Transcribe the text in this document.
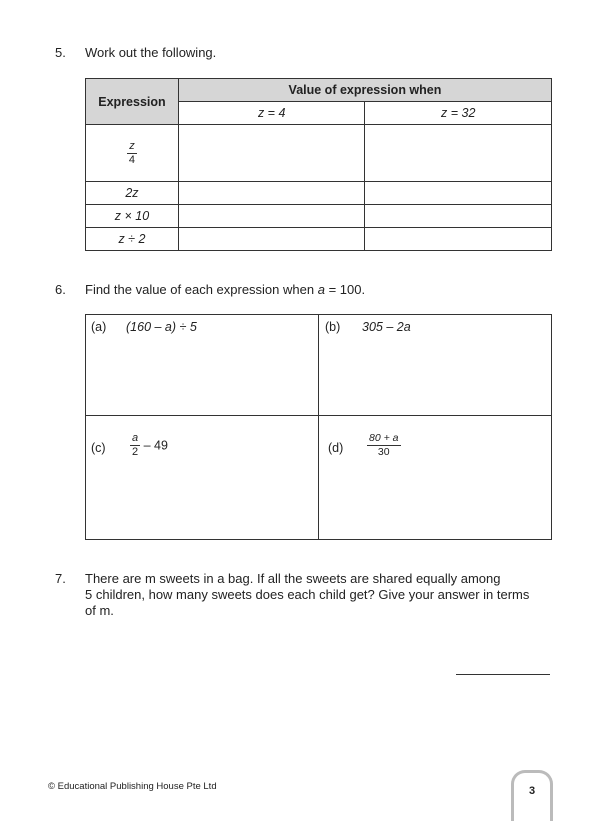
5. Work out the following.
Expression	Value of expression when	
	z = 4	z = 32

$\frac{z}{4}$

2z		
z × 10		
z ÷ 2		
6. Find the value of each expression when a = 100.
(a) (160 – a) ÷ 5	(b) 305 – 2a
$(c) \frac{a}{2} - 49$	$(d) \frac{80 + a}{30}$
7. There are m sweets in a bag. If all the sweets are shared equally among
5 children, how many sweets does each child get? Give your answer in terms
of m.
© Educational Publishing House Pte Ltd	3
